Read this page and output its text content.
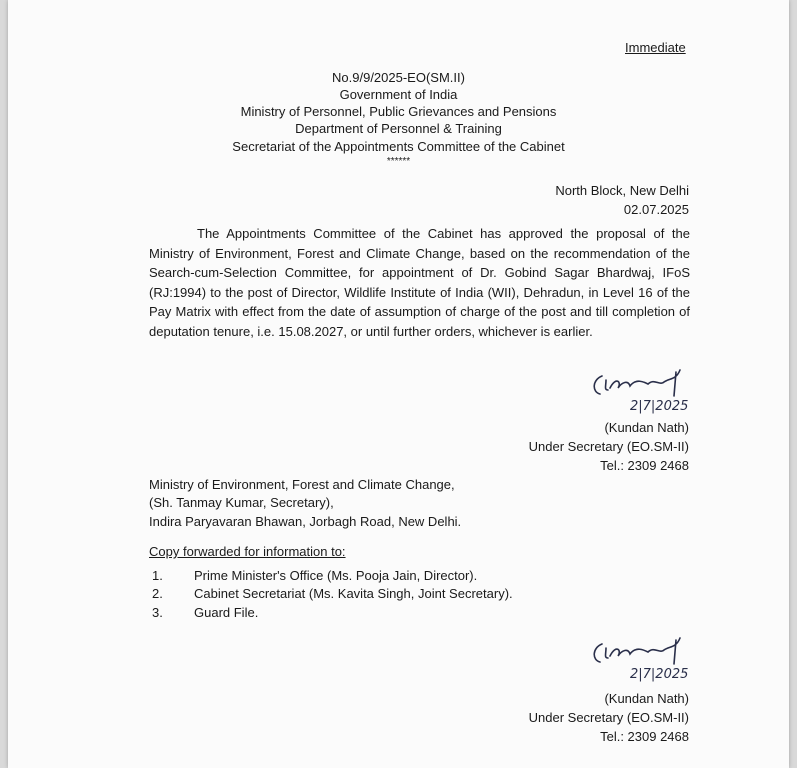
Immediate
No.9/9/2025-EO(SM.II)
Government of India
Ministry of Personnel, Public Grievances and Pensions
Department of Personnel & Training
Secretariat of the Appointments Committee of the Cabinet
******
North Block, New Delhi
02.07.2025
The Appointments Committee of the Cabinet has approved the proposal of the Ministry of Environment, Forest and Climate Change, based on the recommendation of the Search-cum-Selection Committee, for appointment of Dr. Gobind Sagar Bhardwaj, IFoS (RJ:1994) to the post of Director, Wildlife Institute of India (WII), Dehradun, in Level 16 of the Pay Matrix with effect from the date of assumption of charge of the post and till completion of deputation tenure, i.e. 15.08.2027, or until further orders, whichever is earlier.
2|7|2025
(Kundan Nath)
Under Secretary (EO.SM-II)
Tel.: 2309 2468
Ministry of Environment, Forest and Climate Change,
(Sh. Tanmay Kumar, Secretary),
Indira Paryavaran Bhawan, Jorbagh Road, New Delhi.
Copy forwarded for information to:
1. Prime Minister's Office (Ms. Pooja Jain, Director).
2. Cabinet Secretariat (Ms. Kavita Singh, Joint Secretary).
3. Guard File.
2|7|2025
(Kundan Nath)
Under Secretary (EO.SM-II)
Tel.: 2309 2468
